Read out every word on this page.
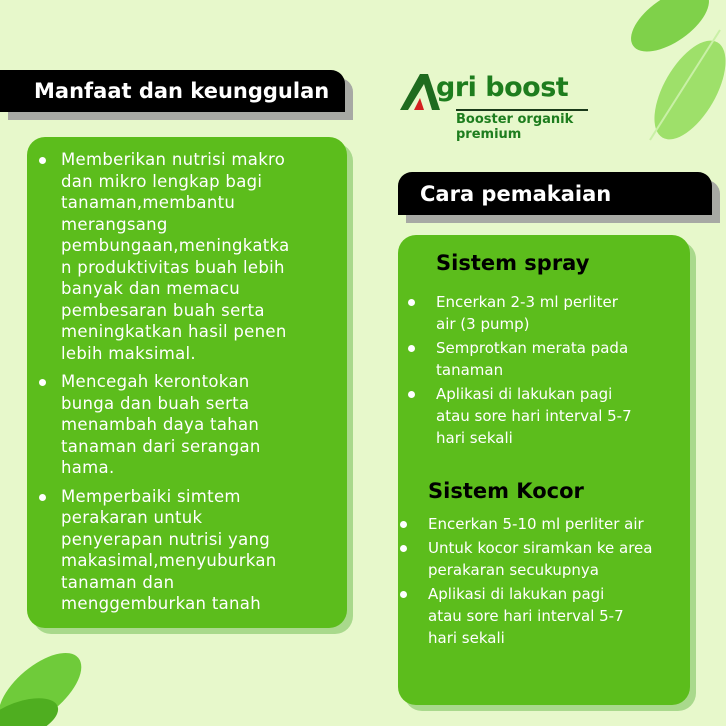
Manfaat dan keunggulan	gri boost
Booster organik premium
Memberikan nutrisi makro
dan mikro lengkap bagi
tanaman,membantu
merangsang
pembungaan,meningkatka
n produktivitas buah lebih
banyak dan memacu
pembesaran buah serta
meningkatkan hasil penen
lebih maksimal.
Mencegah kerontokan
bunga dan buah serta
menambah daya tahan
tanaman dari serangan
hama.
Memperbaiki simtem
perakaran untuk
penyerapan nutrisi yang
makasimal,menyuburkan
tanaman dan
menggemburkan tanah
Cara pemakaian
Sistem spray
Encerkan 2-3 ml perliter
air (3 pump)
Semprotkan merata pada
tanaman
Aplikasi di lakukan pagi
atau sore hari interval 5-7
hari sekali
Sistem Kocor
Encerkan 5-10 ml perliter air
Untuk kocor siramkan ke area
perakaran secukupnya
Aplikasi di lakukan pagi
atau sore hari interval 5-7
hari sekali
